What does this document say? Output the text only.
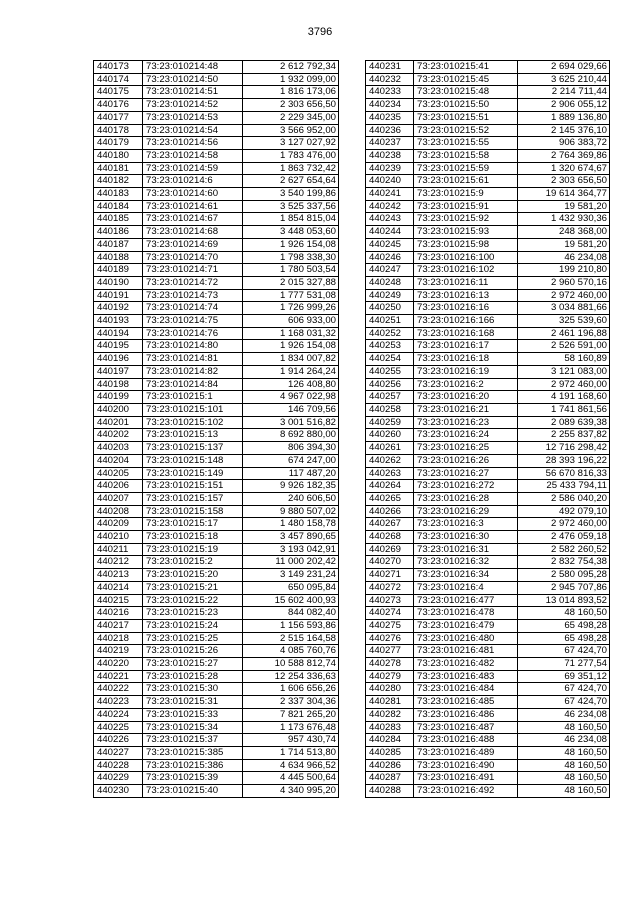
3796
440173	73:23:010214:48	2 612 792,34
440174	73:23:010214:50	1 932 099,00
440175	73:23:010214:51	1 816 173,06
440176	73:23:010214:52	2 303 656,50
440177	73:23:010214:53	2 229 345,00
440178	73:23:010214:54	3 566 952,00
440179	73:23:010214:56	3 127 027,92
440180	73:23:010214:58	1 783 476,00
440181	73:23:010214:59	1 863 732,42
440182	73:23:010214:6	2 627 654,64
440183	73:23:010214:60	3 540 199,86
440184	73:23:010214:61	3 525 337,56
440185	73:23:010214:67	1 854 815,04
440186	73:23:010214:68	3 448 053,60
440187	73:23:010214:69	1 926 154,08
440188	73:23:010214:70	1 798 338,30
440189	73:23:010214:71	1 780 503,54
440190	73:23:010214:72	2 015 327,88
440191	73:23:010214:73	1 777 531,08
440192	73:23:010214:74	1 726 999,26
440193	73:23:010214:75	606 933,00
440194	73:23:010214:76	1 168 031,32
440195	73:23:010214:80	1 926 154,08
440196	73:23:010214:81	1 834 007,82
440197	73:23:010214:82	1 914 264,24
440198	73:23:010214:84	126 408,80
440199	73:23:010215:1	4 967 022,98
440200	73:23:010215:101	146 709,56
440201	73:23:010215:102	3 001 516,82
440202	73:23:010215:13	8 692 880,00
440203	73:23:010215:137	806 394,30
440204	73:23:010215:148	674 247,00
440205	73:23:010215:149	117 487,20
440206	73:23:010215:151	9 926 182,35
440207	73:23:010215:157	240 606,50
440208	73:23:010215:158	9 880 507,02
440209	73:23:010215:17	1 480 158,78
440210	73:23:010215:18	3 457 890,65
440211	73:23:010215:19	3 193 042,91
440212	73:23:010215:2	11 000 202,42
440213	73:23:010215:20	3 149 231,24
440214	73:23:010215:21	650 095,84
440215	73:23:010215:22	15 602 400,93
440216	73:23:010215:23	844 082,40
440217	73:23:010215:24	1 156 593,86
440218	73:23:010215:25	2 515 164,58
440219	73:23:010215:26	4 085 760,76
440220	73:23:010215:27	10 588 812,74
440221	73:23:010215:28	12 254 336,63
440222	73:23:010215:30	1 606 656,26
440223	73:23:010215:31	2 337 304,36
440224	73:23:010215:33	7 821 265,20
440225	73:23:010215:34	1 173 676,48
440226	73:23:010215:37	957 430,74
440227	73:23:010215:385	1 714 513,80
440228	73:23:010215:386	4 634 966,52
440229	73:23:010215:39	4 445 500,64
440230	73:23:010215:40	4 340 995,20
440231	73:23:010215:41	2 694 029,66
440232	73:23:010215:45	3 625 210,44
440233	73:23:010215:48	2 214 711,44
440234	73:23:010215:50	2 906 055,12
440235	73:23:010215:51	1 889 136,80
440236	73:23:010215:52	2 145 376,10
440237	73:23:010215:55	906 383,72
440238	73:23:010215:58	2 764 369,86
440239	73:23:010215:59	1 320 674,67
440240	73:23:010215:61	2 303 656,50
440241	73:23:010215:9	19 614 364,77
440242	73:23:010215:91	19 581,20
440243	73:23:010215:92	1 432 930,36
440244	73:23:010215:93	248 368,00
440245	73:23:010215:98	19 581,20
440246	73:23:010216:100	46 234,08
440247	73:23:010216:102	199 210,80
440248	73:23:010216:11	2 960 570,16
440249	73:23:010216:13	2 972 460,00
440250	73:23:010216:16	3 034 881,66
440251	73:23:010216:166	325 539,60
440252	73:23:010216:168	2 461 196,88
440253	73:23:010216:17	2 526 591,00
440254	73:23:010216:18	58 160,89
440255	73:23:010216:19	3 121 083,00
440256	73:23:010216:2	2 972 460,00
440257	73:23:010216:20	4 191 168,60
440258	73:23:010216:21	1 741 861,56
440259	73:23:010216:23	2 089 639,38
440260	73:23:010216:24	2 255 837,82
440261	73:23:010216:25	12 716 298,42
440262	73:23:010216:26	28 393 196,22
440263	73:23:010216:27	56 670 816,33
440264	73:23:010216:272	25 433 794,11
440265	73:23:010216:28	2 586 040,20
440266	73:23:010216:29	492 079,10
440267	73:23:010216:3	2 972 460,00
440268	73:23:010216:30	2 476 059,18
440269	73:23:010216:31	2 582 260,52
440270	73:23:010216:32	2 832 754,38
440271	73:23:010216:34	2 580 095,28
440272	73:23:010216:4	2 945 707,86
440273	73:23:010216:477	13 014 893,52
440274	73:23:010216:478	48 160,50
440275	73:23:010216:479	65 498,28
440276	73:23:010216:480	65 498,28
440277	73:23:010216:481	67 424,70
440278	73:23:010216:482	71 277,54
440279	73:23:010216:483	69 351,12
440280	73:23:010216:484	67 424,70
440281	73:23:010216:485	67 424,70
440282	73:23:010216:486	46 234,08
440283	73:23:010216:487	48 160,50
440284	73:23:010216:488	46 234,08
440285	73:23:010216:489	48 160,50
440286	73:23:010216:490	48 160,50
440287	73:23:010216:491	48 160,50
440288	73:23:010216:492	48 160,50
